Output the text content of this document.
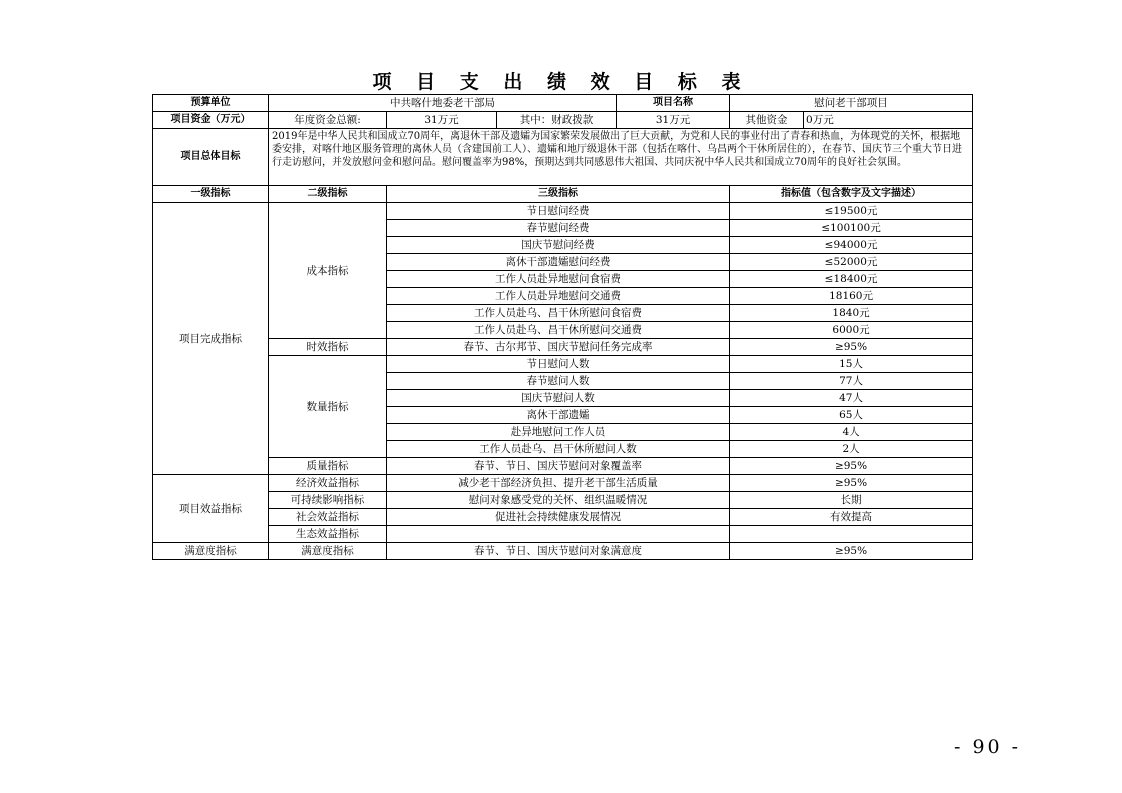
项 目 支 出 绩 效 目 标 表
预算单位	中共喀什地委老干部局			项目名称	慰问老干部项目	
项目资金（万元）	年度资金总额:	31万元	其中：财政拨款	31万元	其他资金	0万元
项目总体目标	2019年是中华人民共和国成立70周年，离退休干部及遗孀为国家繁荣发展做出了巨大贡献，为党和人民的事业付出了青春和热血，为体现党的关怀，根据地委安排，对喀什地区服务管理的离休人员（含建国前工人）、遗孀和地厅级退休干部（包括在喀什、乌昌两个干休所居住的），在春节、国庆节三个重大节日进行走访慰问，并发放慰问金和慰问品。慰问覆盖率为98%，预期达到共同感恩伟大祖国、共同庆祝中华人民共和国成立70周年的良好社会氛围。					
一级指标	二级指标	三级指标			指标值（包含数字及文字描述）	
项目完成指标	成本指标	节日慰问经费			≤19500元	
		春节慰问经费			≤100100元	
		国庆节慰问经费			≤94000元	
		离休干部遗孀慰问经费			≤52000元	
		工作人员赴异地慰问食宿费			≤18400元	
		工作人员赴异地慰问交通费			18160元	
		工作人员赴乌、昌干休所慰问食宿费			1840元	
		工作人员赴乌、昌干休所慰问交通费			6000元	
	时效指标	春节、古尔邦节、国庆节慰问任务完成率			≥95%	
	数量指标	节日慰问人数			15人	
		春节慰问人数			77人	
		国庆节慰问人数			47人	
		离休干部遗孀			65人	
		赴异地慰问工作人员			4人	
		工作人员赴乌、昌干休所慰问人数			2人	
	质量指标	春节、节日、国庆节慰问对象覆盖率			≥95%	
项目效益指标	经济效益指标	减少老干部经济负担、提升老干部生活质量			≥95%	
	可持续影响指标	慰问对象感受党的关怀、组织温暖情况			长期	
	社会效益指标	促进社会持续健康发展情况			有效提高	
	生态效益指标					
满意度指标	满意度指标	春节、节日、国庆节慰问对象满意度			≥95%	
- 90 -
